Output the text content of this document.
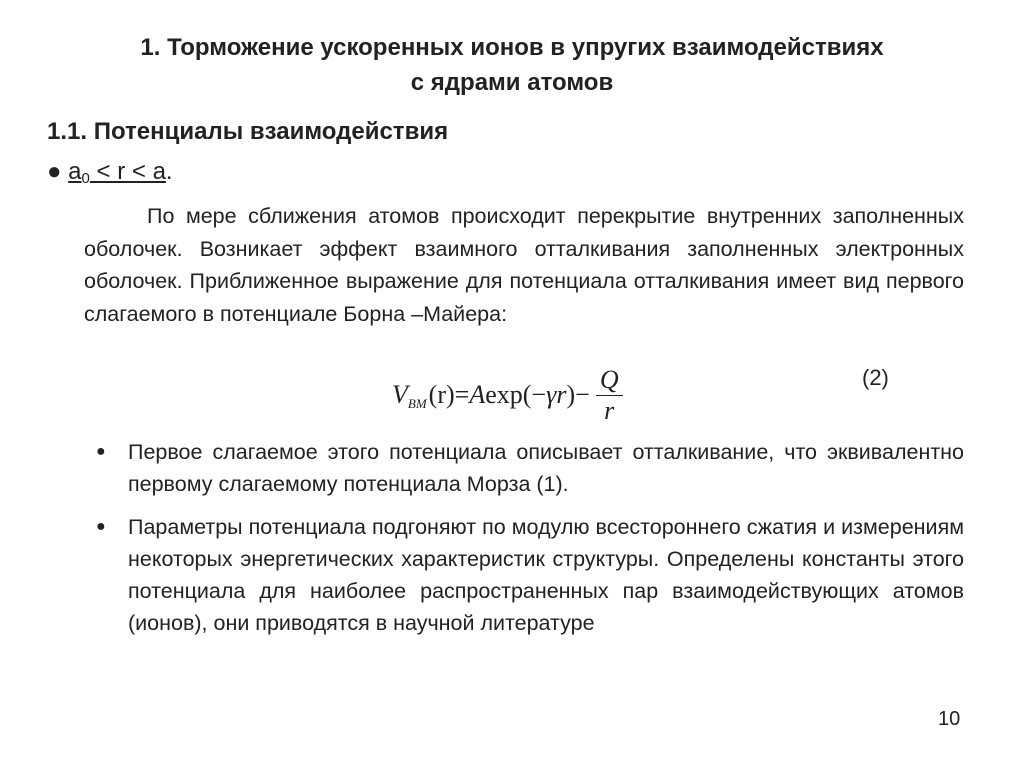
1. Торможение ускоренных ионов в упругих взаимодействиях
с ядрами атомов
1.1. Потенциалы взаимодействия
● $a_0 < r < a$.
По мере сближения атомов происходит перекрытие внутренних заполненных оболочек. Возникает эффект взаимного отталкивания заполненных электронных оболочек. Приближенное выражение для потенциала отталкивания имеет вид первого слагаемого в потенциале Борна –Майера:
V BM (r) = A exp( − γ r ) − $\frac{Q}{r}$	(2)
● Первое слагаемое этого потенциала описывает отталкивание, что эквивалентно первому слагаемому потенциала Морза (1).
● Параметры потенциала подгоняют по модулю всестороннего сжатия и измерениям некоторых энергетических характеристик структуры. Определены константы этого потенциала для наиболее распространенных пар взаимодействующих атомов (ионов), они приводятся в научной литературе
10
